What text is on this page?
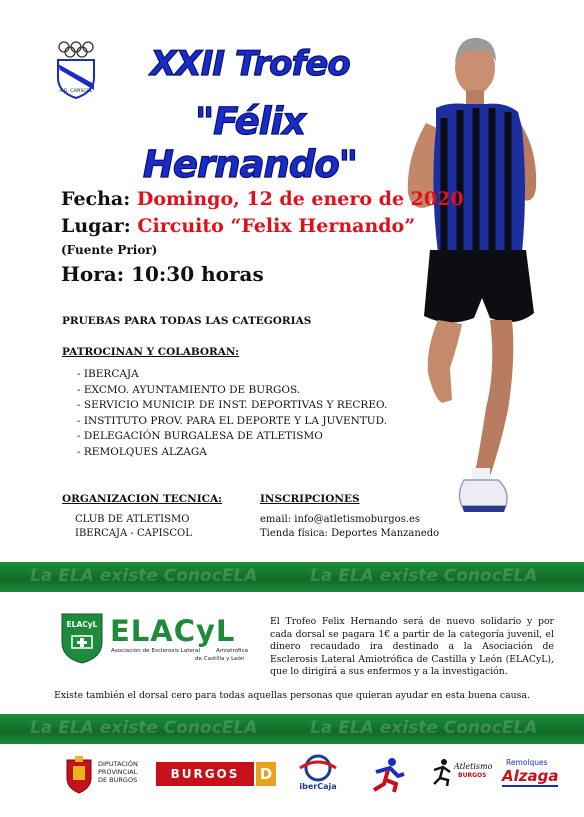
A.D. CAPISCOL
XXII Trofeo
"Félix Hernando"
Fecha: Domingo, 12 de enero de 2020
Lugar: Circuito “Felix Hernando”
(Fuente Prior)
Hora: 10:30 horas
PRUEBAS PARA TODAS LAS CATEGORIAS
PATROCINAN Y COLABORAN:
- IBERCAJA
- EXCMO. AYUNTAMIENTO DE BURGOS.
- SERVICIO MUNICIP. DE INST. DEPORTIVAS Y RECREO.
- INSTITUTO PROV. PARA EL DEPORTE Y LA JUVENTUD.
- DELEGACIÓN BURGALESA DE ATLETISMO
- REMOLQUES ALZAGA
ORGANIZACION TECNICA:
CLUB DE ATLETISMO
IBERCAJA - CAPISCOL
INSCRIPCIONES
email: info@atletismoburgos.es
Tienda física: Deportes Manzanedo
La ELA existe ConocELA	La ELA existe ConocELA
ELACyL ELACyL
Asociación de Esclerosis Lateral	Amiotrófica
de Castilla y León
El Trofeo Felix Hernando será de nuevo solidario y por cada dorsal se pagara 1€ a partir de la categoría juvenil, el dinero recaudado ira destinado a la Asociación de Esclerosis Lateral Amiotrófica de Castilla y León (ELACyL), que lo dirigirá a sus enfermos y a la investigación.
Existe también el dorsal cero para todas aquellas personas que quieran ayudar en esta buena causa.
La ELA existe ConocELA	La ELA existe ConocELA
DIPUTACIÓN
PROVINCIAL
DE BURGOS	BURGOS	D
iberCaja
Atletismo
BURGOS
Remolques
Alzaga
